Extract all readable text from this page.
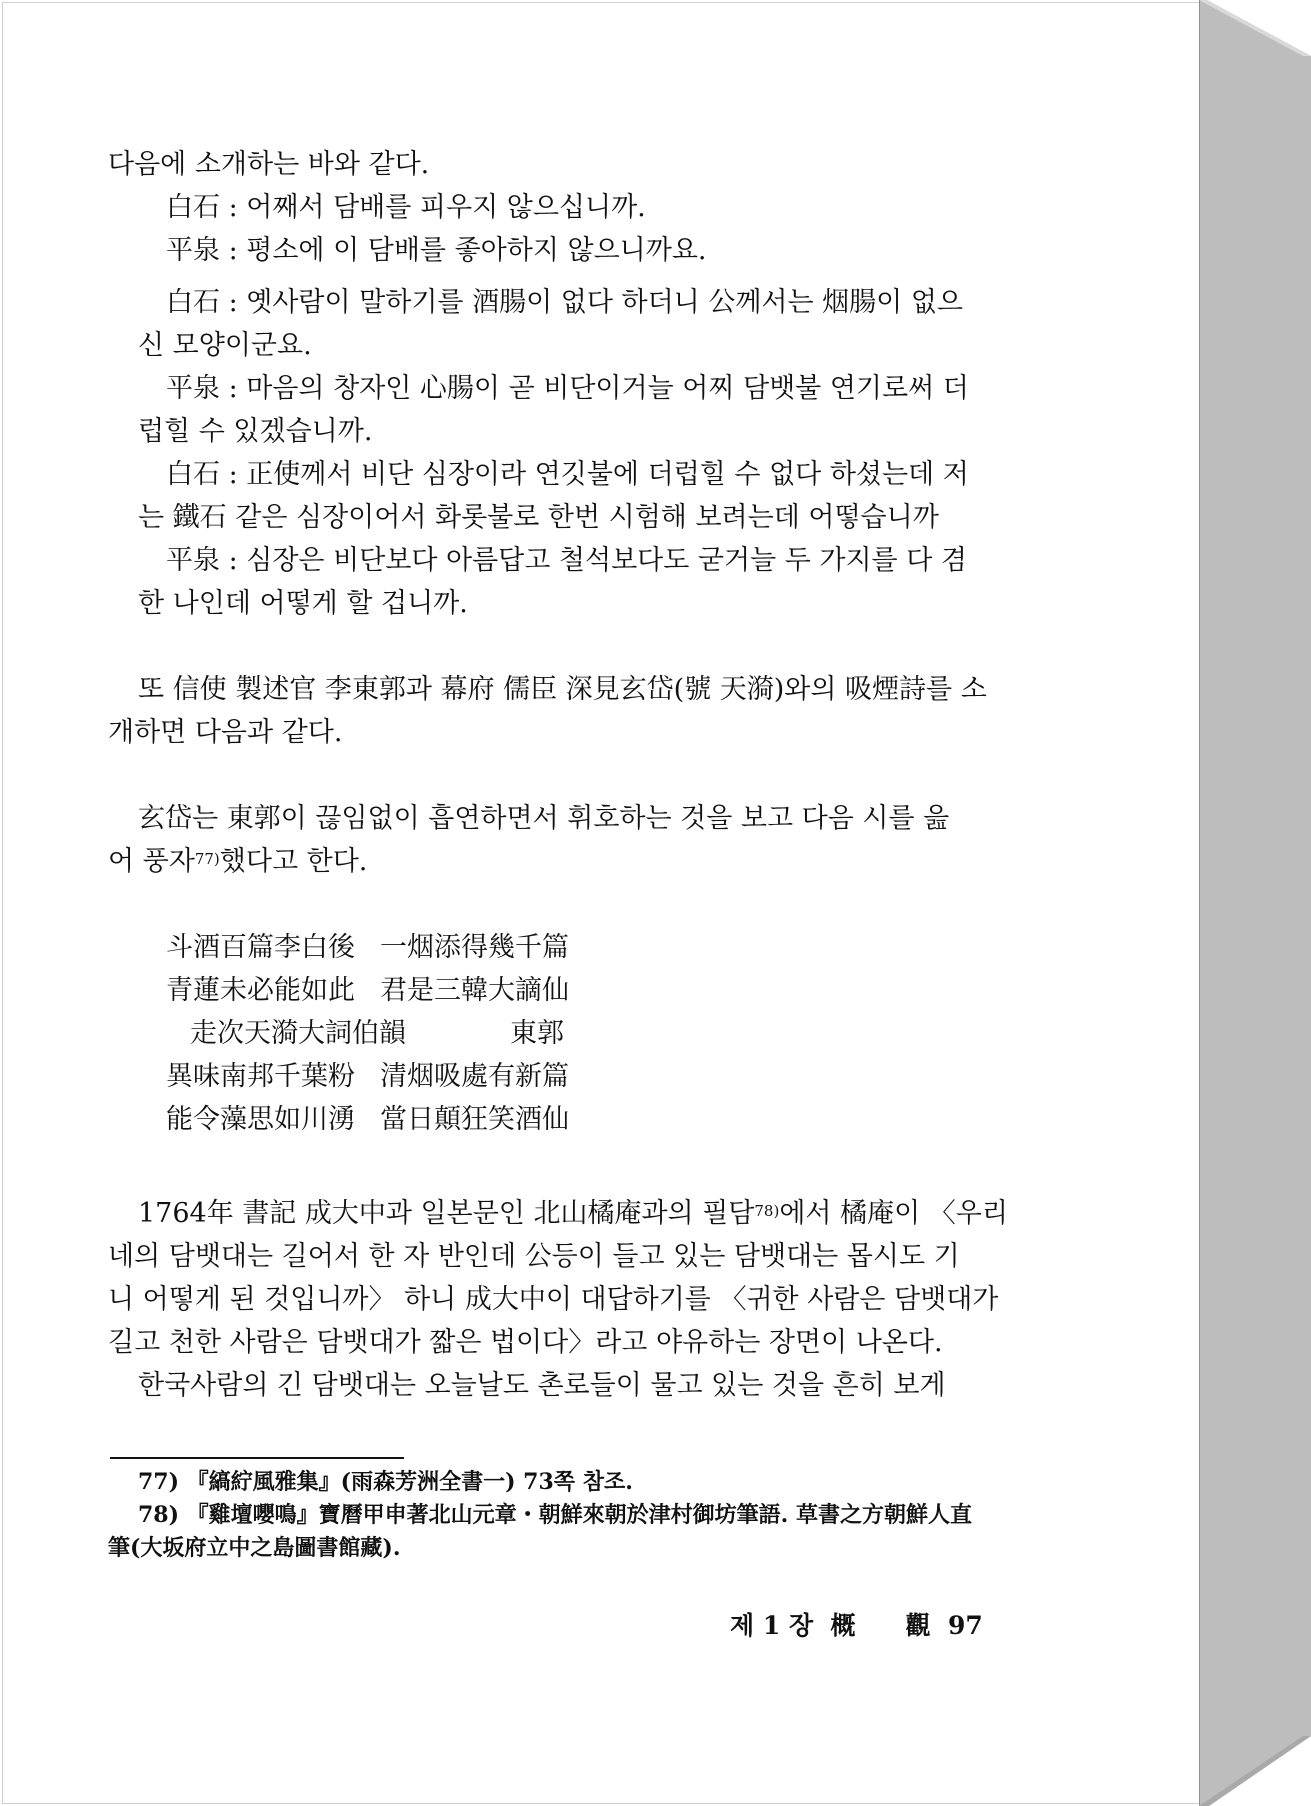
다음에 소개하는 바와 같다.
白石 : 어째서 담배를 피우지 않으십니까.
平泉 : 평소에 이 담배를 좋아하지 않으니까요.
白石 : 옛사람이 말하기를 酒腸이 없다 하더니 公께서는 烟腸이 없으
신 모양이군요.
平泉 : 마음의 창자인 心腸이 곧 비단이거늘 어찌 담뱃불 연기로써 더
럽힐 수 있겠습니까.
白石 : 正使께서 비단 심장이라 연깃불에 더럽힐 수 없다 하셨는데 저
는 鐵石 같은 심장이어서 화롯불로 한번 시험해 보려는데 어떻습니까
平泉 : 심장은 비단보다 아름답고 철석보다도 굳거늘 두 가지를 다 겸
한 나인데 어떻게 할 겁니까.
또 信使 製述官 李東郭과 幕府 儒臣 深見玄岱(號 天漪)와의 吸煙詩를 소
개하면 다음과 같다.
玄岱는 東郭이 끊임없이 흡연하면서 휘호하는 것을 보고 다음 시를 읊
어 풍자$^{77)}$했다고 한다.
斗酒百篇李白後 一烟添得幾千篇
青蓮未必能如此 君是三韓大謫仙
走次天漪大詞伯韻	東郭
異味南邦千葉粉 清烟吸處有新篇
能令藻思如川湧 當日顛狂笑酒仙
1764年 書記 成大中과 일본문인 北山橘庵과의 필담$^{78)}$에서 橘庵이 〈우리
네의 담뱃대는 길어서 한 자 반인데 公등이 들고 있는 담뱃대는 몹시도 기
니 어떻게 된 것입니까〉 하니 成大中이 대답하기를 〈귀한 사람은 담뱃대가
길고 천한 사람은 담뱃대가 짧은 법이다〉라고 야유하는 장면이 나온다.
한국사람의 긴 담뱃대는 오늘날도 촌로들이 물고 있는 것을 흔히 보게
77) 『縞紵風雅集』(雨森芳洲全書一) 73쪽 참조.
78) 『雞壇嚶鳴』寶曆甲申著北山元章・朝鮮來朝於津村御坊筆語. 草書之方朝鮮人直
筆(大坂府立中之島圖書館藏).
제 1 장 概　　觀 97
